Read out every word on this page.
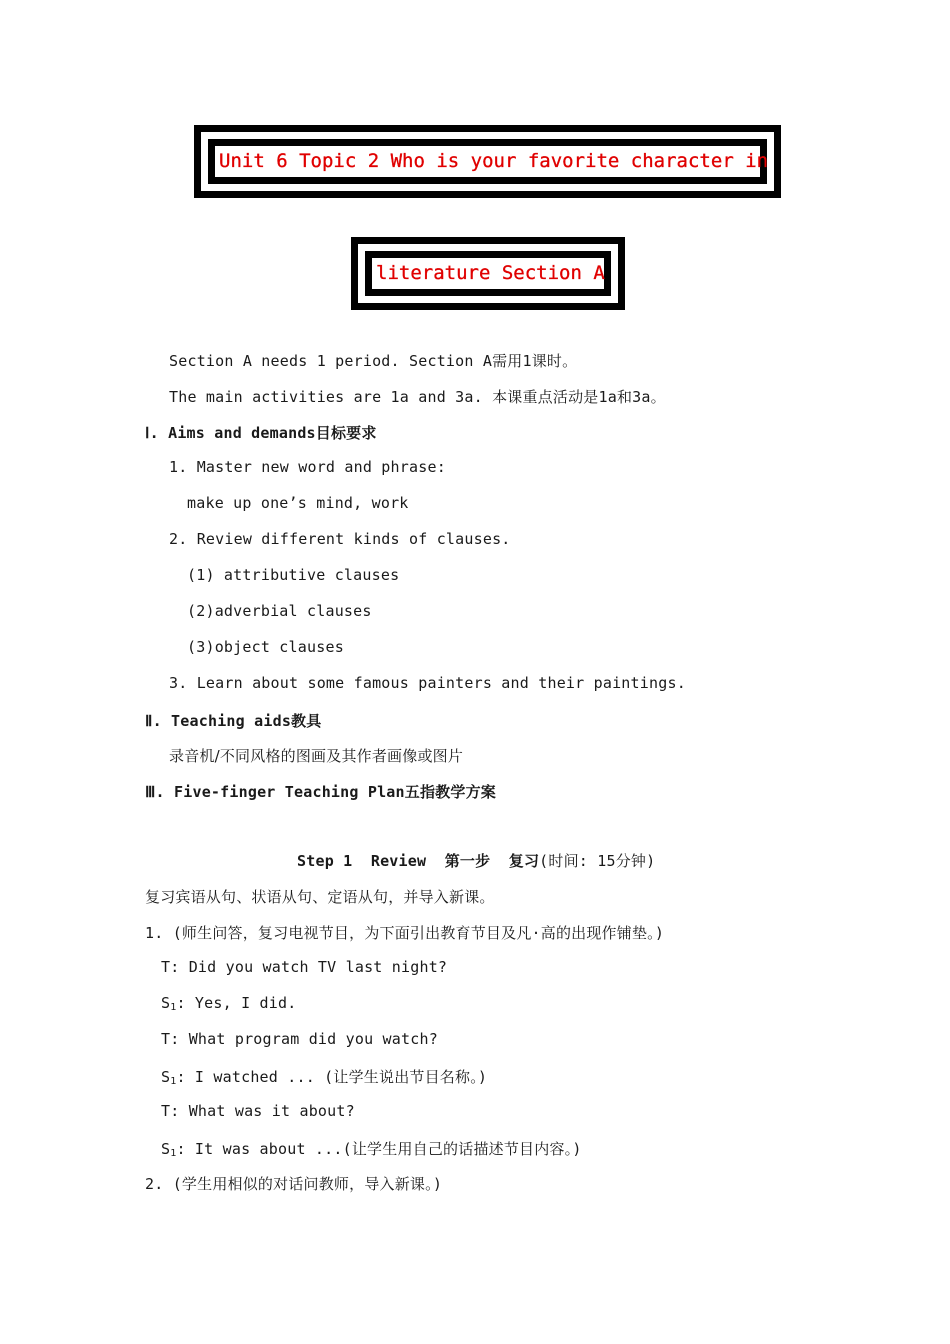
Unit 6 Topic 2 Who is your favorite character in
literature Section A
Section A needs 1 period. Section A需用1课时。
The main activities are 1a and 3a. 本课重点活动是1a和3a。
Ⅰ. Aims and demands目标要求
1. Master new word and phrase:
make up one’s mind, work
2. Review different kinds of clauses.
(1) attributive clauses
(2)adverbial clauses
(3)object clauses
3. Learn about some famous painters and their paintings.
Ⅱ. Teaching aids教具
录音机/不同风格的图画及其作者画像或图片
Ⅲ. Five-finger Teaching Plan五指教学方案
Step 1  Review  第一步  复习(时间: 15分钟)
复习宾语从句、状语从句、定语从句，并导入新课。
1. (师生问答，复习电视节目，为下面引出教育节目及凡·高的出现作铺垫。)
T: Did you watch TV last night?
$S_1$: Yes, I did.
T: What program did you watch?
$S_1$: I watched ... (让学生说出节目名称。)
T: What was it about?
$S_1$: It was about ...(让学生用自己的话描述节目内容。)
2. (学生用相似的对话问教师，导入新课。)
